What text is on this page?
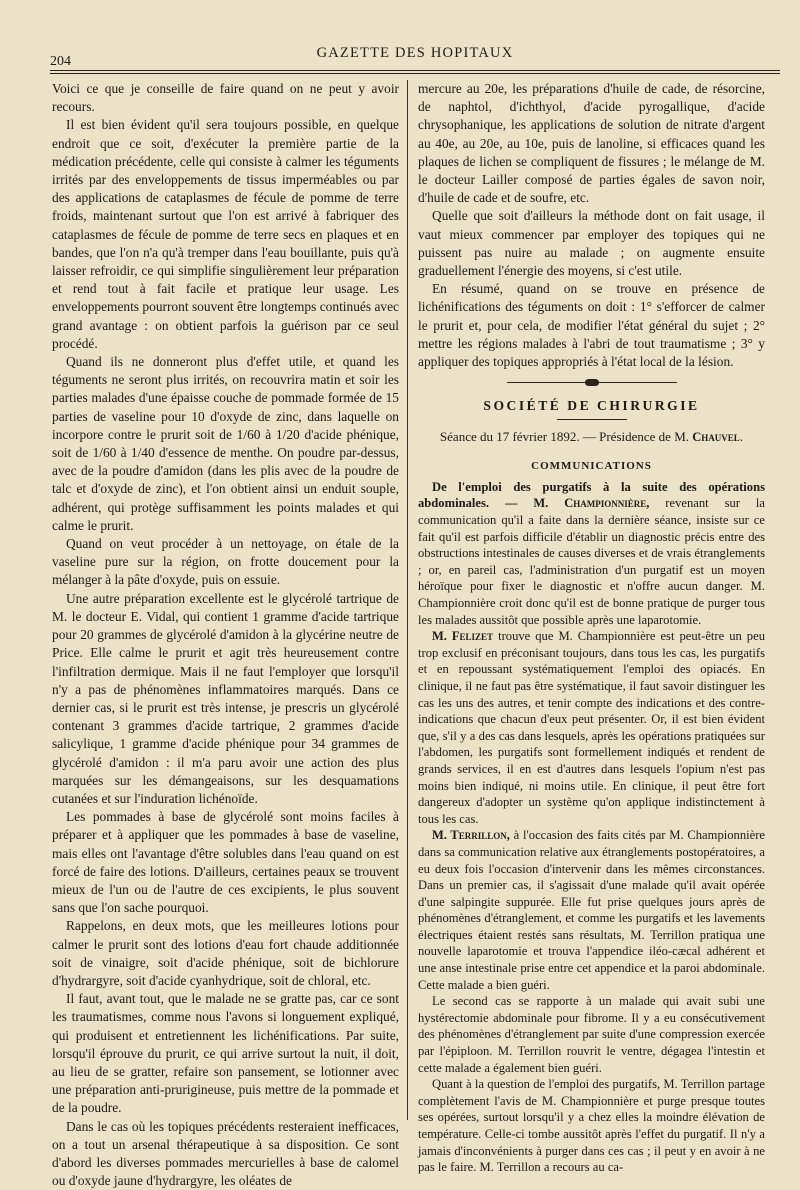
204
GAZETTE DES HOPITAUX

Voici ce que je conseille de faire quand on ne peut y avoir recours.

Il est bien évident qu'il sera toujours possible, en quelque endroit que ce soit, d'exécuter la première partie de la médication précédente, celle qui consiste à calmer les téguments irrités par des enveloppements de tissus imperméables ou par des applications de cataplasmes de fécule de pomme de terre froids, maintenant surtout que l'on est arrivé à fabriquer des cataplasmes de fécule de pomme de terre secs en plaques et en bandes, que l'on n'a qu'à tremper dans l'eau bouillante, puis qu'à laisser refroidir, ce qui simplifie singulièrement leur préparation et rend tout à fait facile et pratique leur usage. Les enveloppements pourront souvent être longtemps continués avec grand avantage : on obtient parfois la guérison par ce seul procédé.

Quand ils ne donneront plus d'effet utile, et quand les téguments ne seront plus irrités, on recouvrira matin et soir les parties malades d'une épaisse couche de pommade formée de 15 parties de vaseline pour 10 d'oxyde de zinc, dans laquelle on incorpore contre le prurit soit de 1/60 à 1/20 d'acide phénique, soit de 1/60 à 1/40 d'essence de menthe. On poudre par-dessus, avec de la poudre d'amidon (dans les plis avec de la poudre de talc et d'oxyde de zinc), et l'on obtient ainsi un enduit souple, adhérent, qui protège suffisamment les points malades et qui calme le prurit.

Quand on veut procéder à un nettoyage, on étale de la vaseline pure sur la région, on frotte doucement pour la mélanger à la pâte d'oxyde, puis on essuie.

Une autre préparation excellente est le glycérolé tartrique de M. le docteur E. Vidal, qui contient 1 gramme d'acide tartrique pour 20 grammes de glycérolé d'amidon à la glycérine neutre de Price. Elle calme le prurit et agit très heureusement contre l'infiltration dermique. Mais il ne faut l'employer que lorsqu'il n'y a pas de phénomènes inflammatoires marqués. Dans ce dernier cas, si le prurit est très intense, je prescris un glycérolé contenant 3 grammes d'acide tartrique, 2 grammes d'acide salicylique, 1 gramme d'acide phénique pour 34 grammes de glycérolé d'amidon : il m'a paru avoir une action des plus marquées sur les démangeaisons, sur les desquamations cutanées et sur l'induration lichénoïde.

Les pommades à base de glycérolé sont moins faciles à préparer et à appliquer que les pommades à base de vaseline, mais elles ont l'avantage d'être solubles dans l'eau quand on est forcé de faire des lotions. D'ailleurs, certaines peaux se trouvent mieux de l'un ou de l'autre de ces excipients, le plus souvent sans que l'on sache pourquoi.

Rappelons, en deux mots, que les meilleures lotions pour calmer le prurit sont des lotions d'eau fort chaude additionnée soit de vinaigre, soit d'acide phénique, soit de bichlorure d'hydrargyre, soit d'acide cyanhydrique, soit de chloral, etc.

Il faut, avant tout, que le malade ne se gratte pas, car ce sont les traumatismes, comme nous l'avons si longuement expliqué, qui produisent et entretiennent les lichénifications. Par suite, lorsqu'il éprouve du prurit, ce qui arrive surtout la nuit, il doit, au lieu de se gratter, refaire son pansement, se lotionner avec une préparation anti-prurigineuse, puis mettre de la pommade et de la poudre.

Dans le cas où les topiques précédents resteraient inefficaces, on a tout un arsenal thérapeutique à sa disposition. Ce sont d'abord les diverses pommades mercurielles à base de calomel ou d'oxyde jaune d'hydrargyre, les oléates de

mercure au 20e, les préparations d'huile de cade, de résorcine, de naphtol, d'ichthyol, d'acide pyrogallique, d'acide chrysophanique, les applications de solution de nitrate d'argent au 40e, au 20e, au 10e, puis de lanoline, si efficaces quand les plaques de lichen se compliquent de fissures ; le mélange de M. le docteur Lailler composé de parties égales de savon noir, d'huile de cade et de soufre, etc.

Quelle que soit d'ailleurs la méthode dont on fait usage, il vaut mieux commencer par employer des topiques qui ne puissent pas nuire au malade ; on augmente ensuite graduellement l'énergie des moyens, si c'est utile.

En résumé, quand on se trouve en présence de lichénifications des téguments on doit : 1° s'efforcer de calmer le prurit et, pour cela, de modifier l'état général du sujet ; 2° mettre les régions malades à l'abri de tout traumatisme ; 3° y appliquer des topiques appropriés à l'état local de la lésion.

SOCIÉTÉ DE CHIRURGIE
Séance du 17 février 1892. — Présidence de M. Chauvel.
COMMUNICATIONS

De l'emploi des purgatifs à la suite des opérations abdominales. — M. Championnière, revenant sur la communication qu'il a faite dans la dernière séance, insiste sur ce fait qu'il est parfois difficile d'établir un diagnostic précis entre des obstructions intestinales de causes diverses et de vrais étranglements ; or, en pareil cas, l'administration d'un purgatif est un moyen héroïque pour fixer le diagnostic et n'offre aucun danger. M. Championnière croit donc qu'il est de bonne pratique de purger tous les malades aussitôt que possible après une laparotomie.

M. Felizet trouve que M. Championnière est peut-être un peu trop exclusif en préconisant toujours, dans tous les cas, les purgatifs et en repoussant systématiquement l'emploi des opiacés. En clinique, il ne faut pas être systématique, il faut savoir distinguer les cas les uns des autres, et tenir compte des indications et des contre-indications que chacun d'eux peut présenter. Or, il est bien évident que, s'il y a des cas dans lesquels, après les opérations pratiquées sur l'abdomen, les purgatifs sont formellement indiqués et rendent de grands services, il en est d'autres dans lesquels l'opium n'est pas moins bien indiqué, ni moins utile. En clinique, il peut être fort dangereux d'adopter un système qu'on applique indistinctement à tous les cas.

M. Terrillon, à l'occasion des faits cités par M. Championnière dans sa communication relative aux étranglements postopératoires, a eu deux fois l'occasion d'intervenir dans les mêmes circonstances. Dans un premier cas, il s'agissait d'une malade qu'il avait opérée d'une salpingite suppurée. Elle fut prise quelques jours après de phénomènes d'étranglement, et comme les purgatifs et les lavements électriques étaient restés sans résultats, M. Terrillon pratiqua une nouvelle laparotomie et trouva l'appendice iléo-cæcal adhérent et une anse intestinale prise entre cet appendice et la paroi abdominale. Cette malade a bien guéri.

Le second cas se rapporte à un malade qui avait subi une hystérectomie abdominale pour fibrome. Il y a eu consécutivement des phénomènes d'étranglement par suite d'une compression exercée par l'épiploon. M. Terrillon rouvrit le ventre, dégagea l'intestin et cette malade a également bien guéri.

Quant à la question de l'emploi des purgatifs, M. Terrillon partage complètement l'avis de M. Championnière et purge presque toutes ses opérées, surtout lorsqu'il y a chez elles la moindre élévation de température. Celle-ci tombe aussitôt après l'effet du purgatif. Il n'y a jamais d'inconvénients à purger dans ces cas ; il peut y en avoir à ne pas le faire. M. Terrillon a recours au ca-
